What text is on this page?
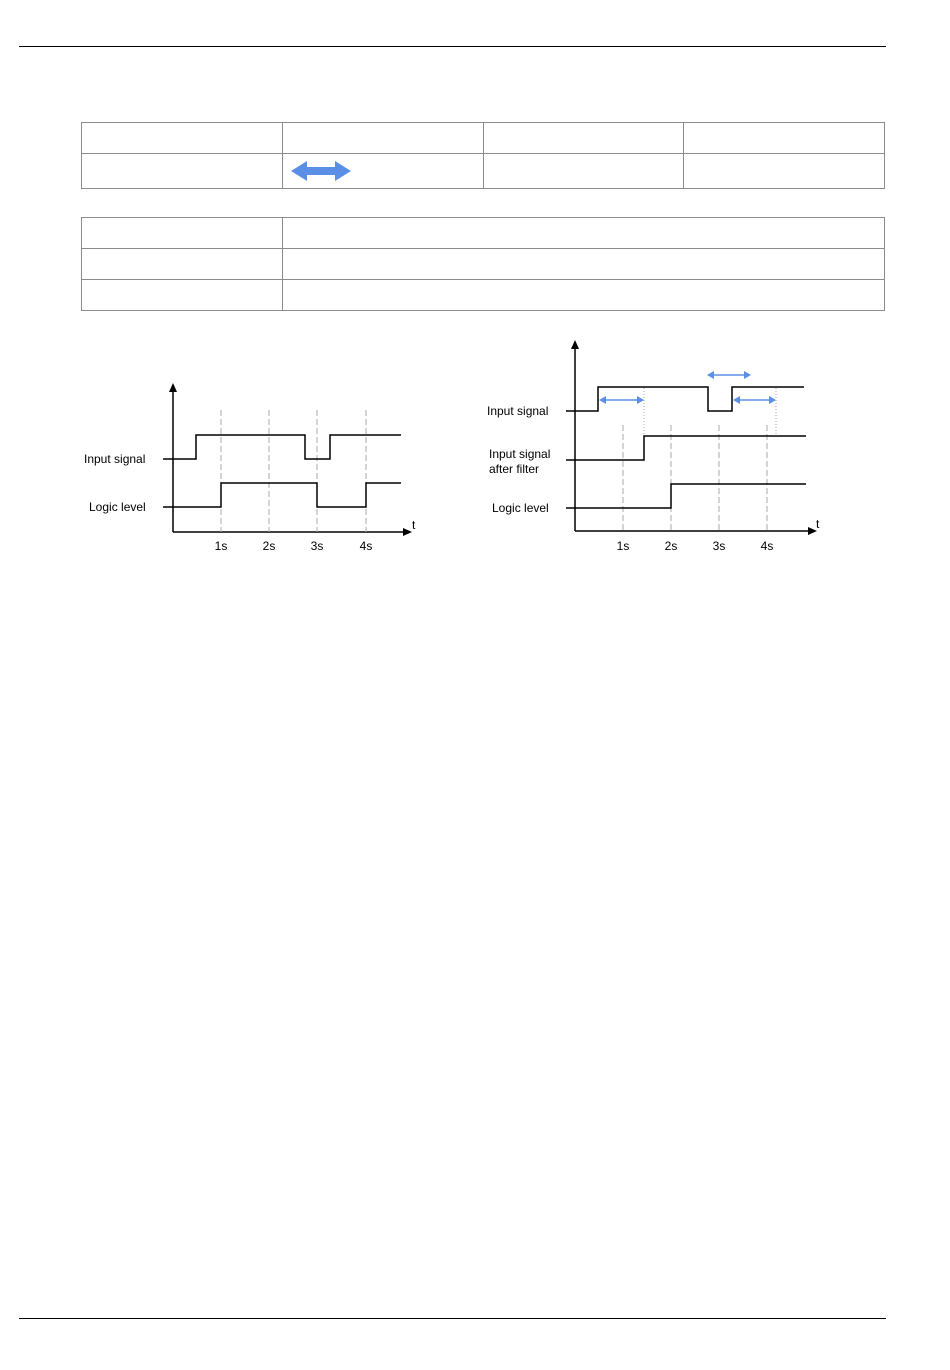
t
1s	2s	3s	4s
Input signal
Logic level
t
1s	2s	3s	4s
Input signal
Input signal
after filter
Logic level
